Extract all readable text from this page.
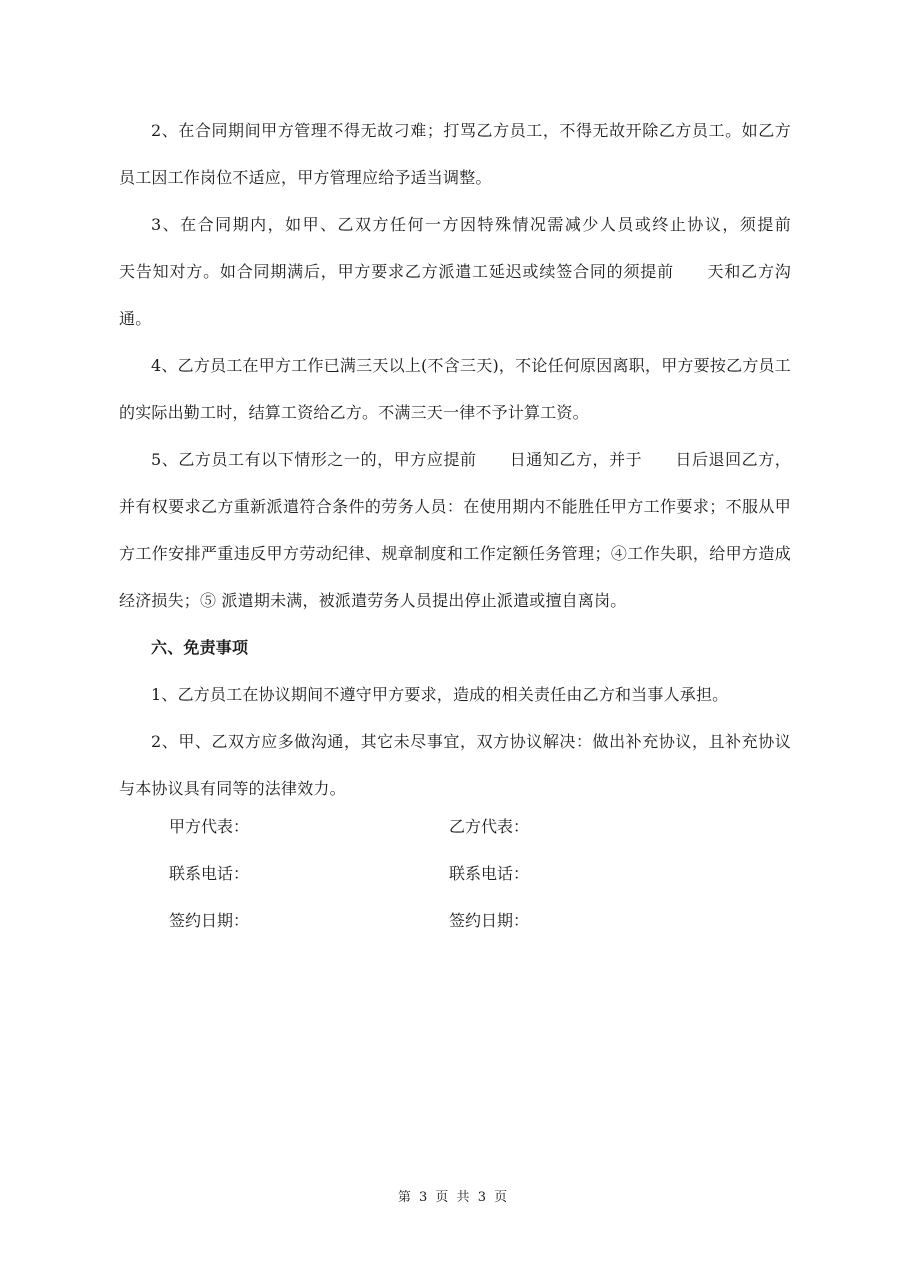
2、在合同期间甲方管理不得无故刁难；打骂乙方员工，不得无故开除乙方员工。如乙方员工因工作岗位不适应，甲方管理应给予适当调整。

3、在合同期内，如甲、乙双方任何一方因特殊情况需减少人员或终止协议，须提前　　天告知对方。如合同期满后，甲方要求乙方派遣工延迟或续签合同的须提前　　天和乙方沟通。

4、乙方员工在甲方工作已满三天以上(不含三天)，不论任何原因离职，甲方要按乙方员工的实际出勤工时，结算工资给乙方。不满三天一律不予计算工资。

5、乙方员工有以下情形之一的，甲方应提前　　日通知乙方，并于　　日后退回乙方，并有权要求乙方重新派遣符合条件的劳务人员：在使用期内不能胜任甲方工作要求；不服从甲方工作安排严重违反甲方劳动纪律、规章制度和工作定额任务管理；④工作失职，给甲方造成经济损失；⑤ 派遣期未满，被派遣劳务人员提出停止派遣或擅自离岗。

六、免责事项

1、乙方员工在协议期间不遵守甲方要求，造成的相关责任由乙方和当事人承担。

2、甲、乙双方应多做沟通，其它未尽事宜，双方协议解决：做出补充协议，且补充协议与本协议具有同等的法律效力。

甲方代表：	乙方代表：
联系电话：	联系电话：
签约日期：	签约日期：
第 3 页 共 3 页
